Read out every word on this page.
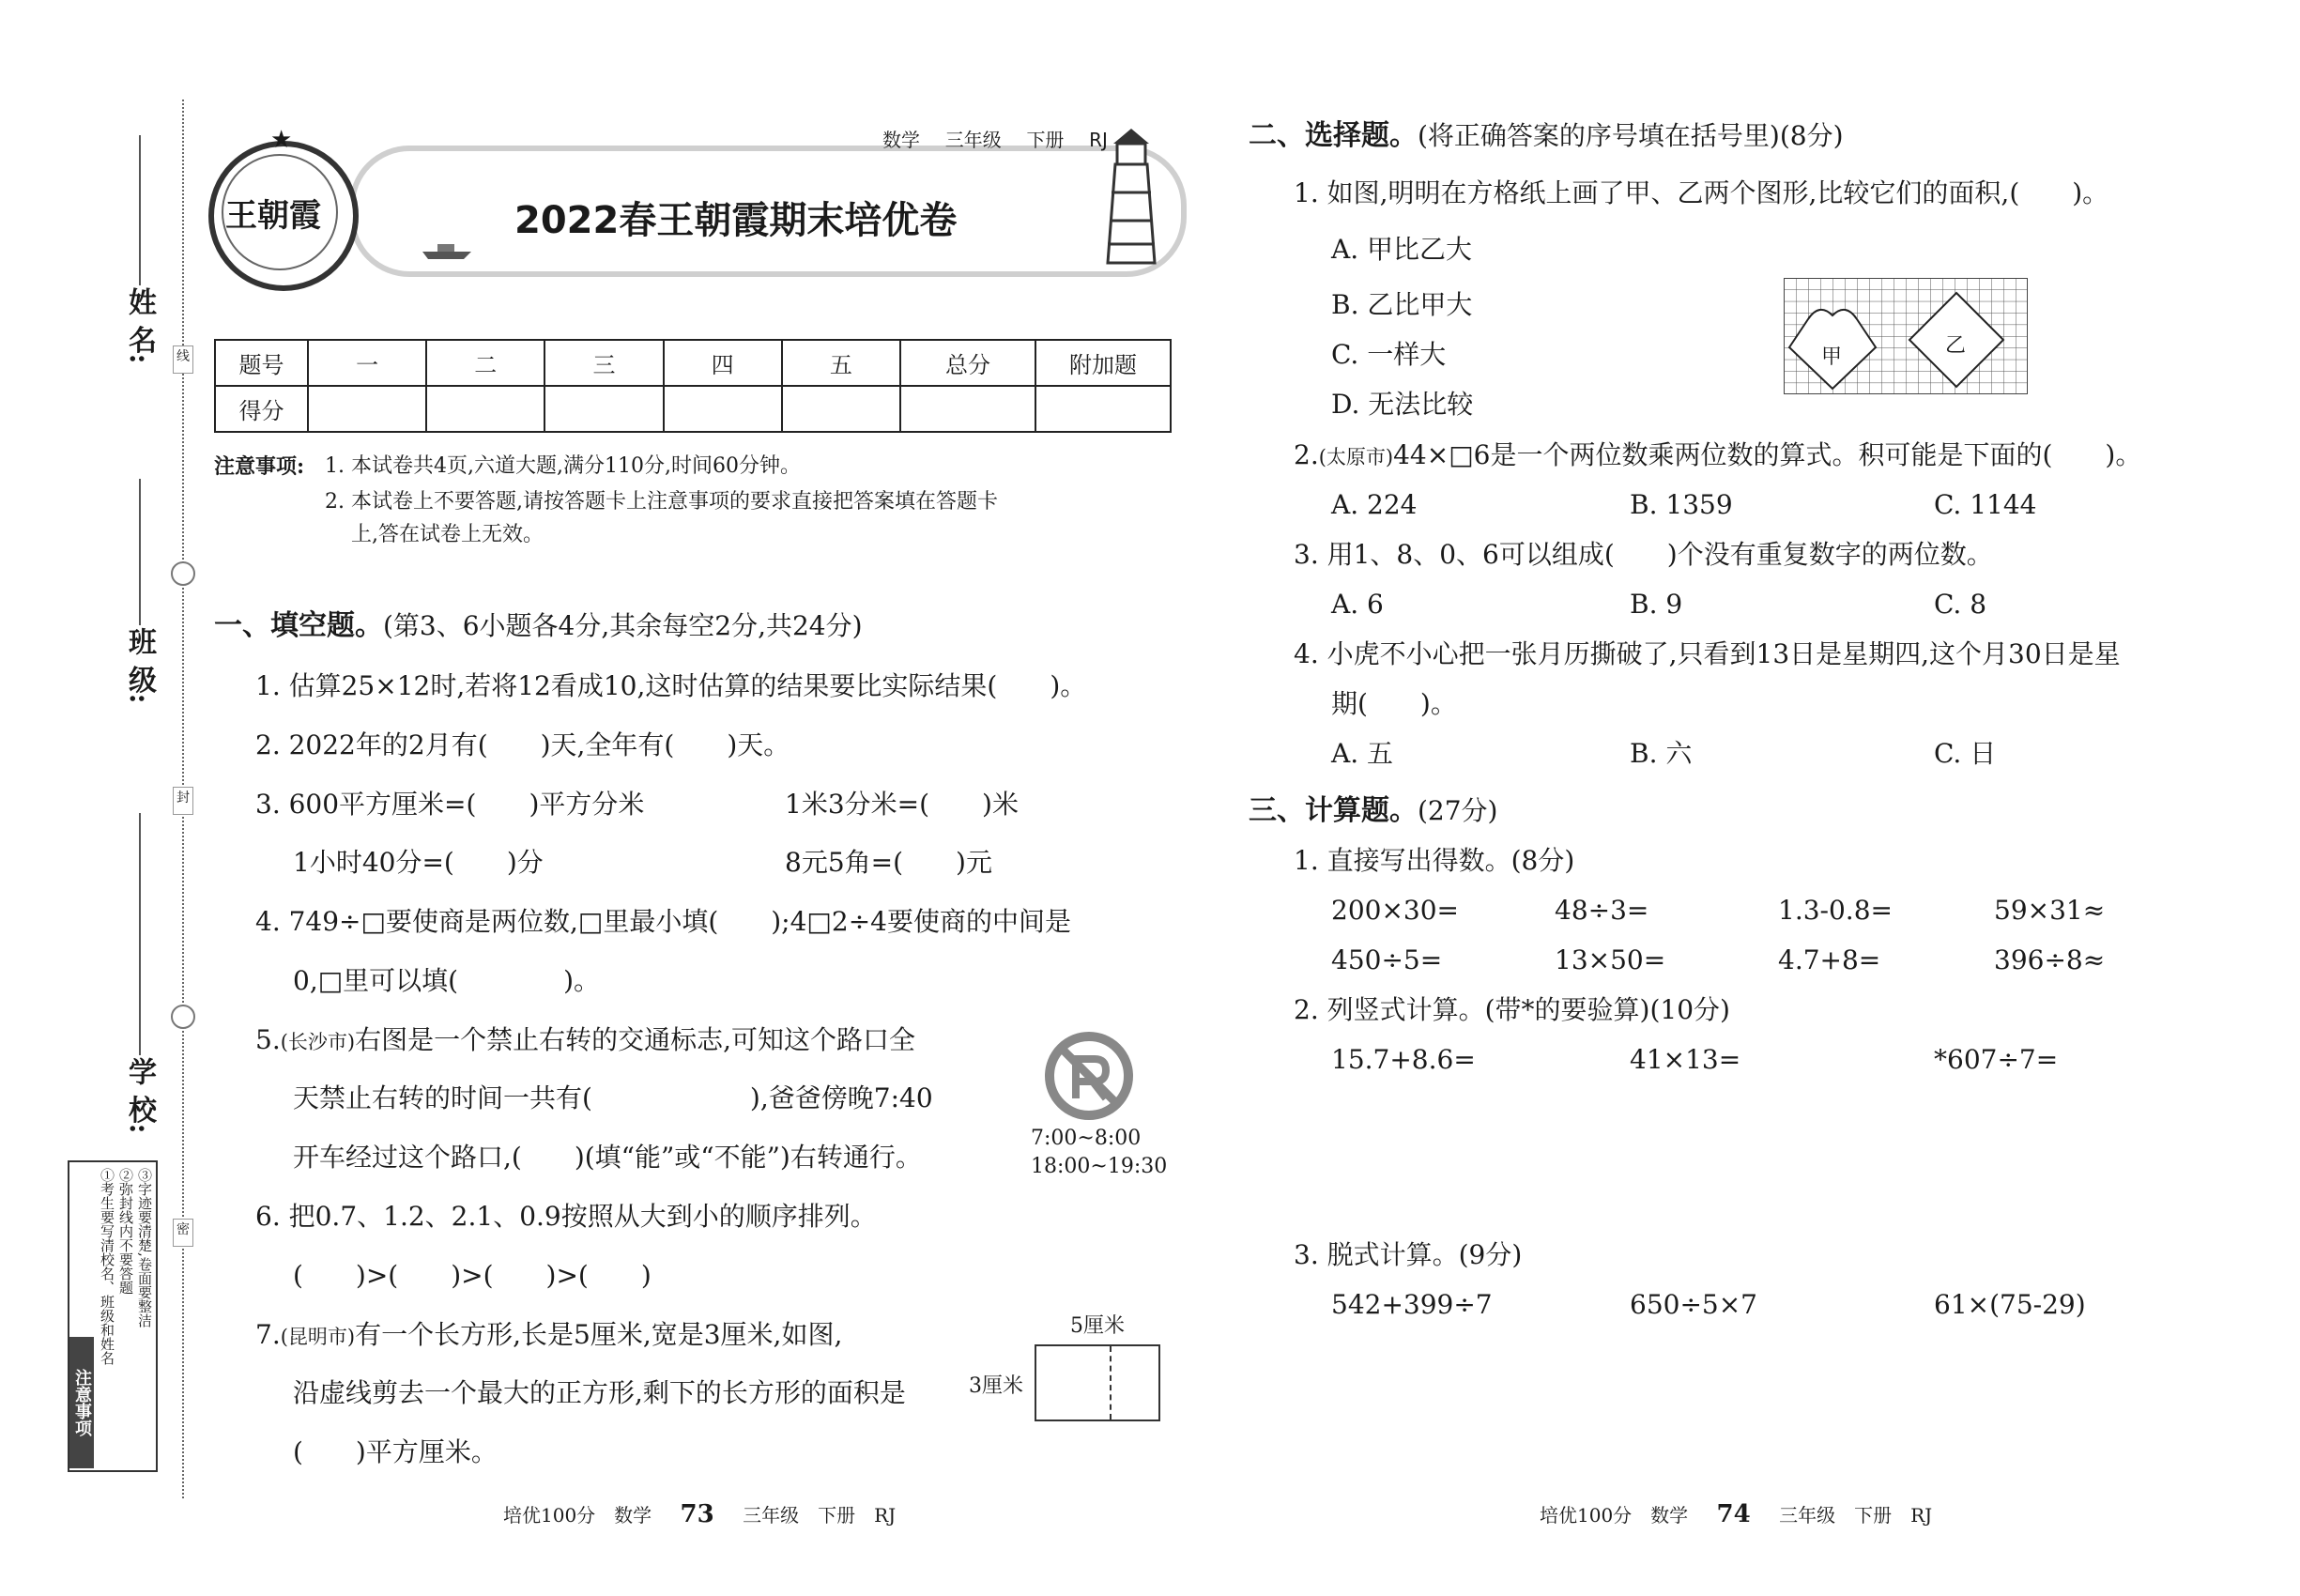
线
封
密
姓 名:
班 级:
学 校:
注意事项
①考生要写清校名、班级和姓名 ②弥封线内不要答题 ③字迹要清楚,卷面要整洁
王朝霞
★	数学 三年级 下册 RJ
2022春王朝霞期末培优卷
题号	一	二	三	四	五	总分	附加题
得分							
注意事项: 1. 本试卷共4页,六道大题,满分110分,时间60分钟。
2. 本试卷上不要答题,请按答题卡上注意事项的要求直接把答案填在答题卡
上,答在试卷上无效。
一、填空题。(第3、6小题各4分,其余每空2分,共24分)
1. 估算25×12时,若将12看成10,这时估算的结果要比实际结果(　　)。
2. 2022年的2月有(　　)天,全年有(　　)天。
3. 600平方厘米=(　　)平方分米	1米3分米=(　　)米
1小时40分=(　　)分	8元5角=(　　)元
4. 749÷□要使商是两位数,□里最小填(　　);4□2÷4要使商的中间是
0,□里可以填(　　　　)。
5.(长沙市)右图是一个禁止右转的交通标志,可知这个路口全
天禁止右转的时间一共有(　　　　　　),爸爸傍晚7:40
开车经过这个路口,(　　)(填“能”或“不能”)右转通行。
7:00~8:00
18:00~19:30
6. 把0.7、1.2、2.1、0.9按照从大到小的顺序排列。
(　　)>(　　)>(　　)>(　　)
7.(昆明市)有一个长方形,长是5厘米,宽是3厘米,如图,
沿虚线剪去一个最大的正方形,剩下的长方形的面积是
(　　)平方厘米。
5厘米
3厘米
二、选择题。(将正确答案的序号填在括号里)(8分)
1. 如图,明明在方格纸上画了甲、乙两个图形,比较它们的面积,(　　)。
A. 甲比乙大
B. 乙比甲大
C. 一样大
D. 无法比较
甲	乙
2.(太原市)44×□6是一个两位数乘两位数的算式。积可能是下面的(　　)。
A. 224	B. 1359	C. 1144
3. 用1、8、0、6可以组成(　　)个没有重复数字的两位数。
A. 6	B. 9	C. 8
4. 小虎不小心把一张月历撕破了,只看到13日是星期四,这个月30日是星
期(　　)。
A. 五	B. 六	C. 日
三、计算题。(27分)
1. 直接写出得数。(8分)
200×30=	48÷3=	1.3-0.8=	59×31≈
450÷5=	13×50=	4.7+8=	396÷8≈
2. 列竖式计算。(带*的要验算)(10分)
15.7+8.6=	41×13=	*607÷7=
3. 脱式计算。(9分)
542+399÷7	650÷5×7	61×(75-29)
培优100分　数学 73 三年级　下册　RJ	培优100分　数学 74 三年级　下册　RJ
